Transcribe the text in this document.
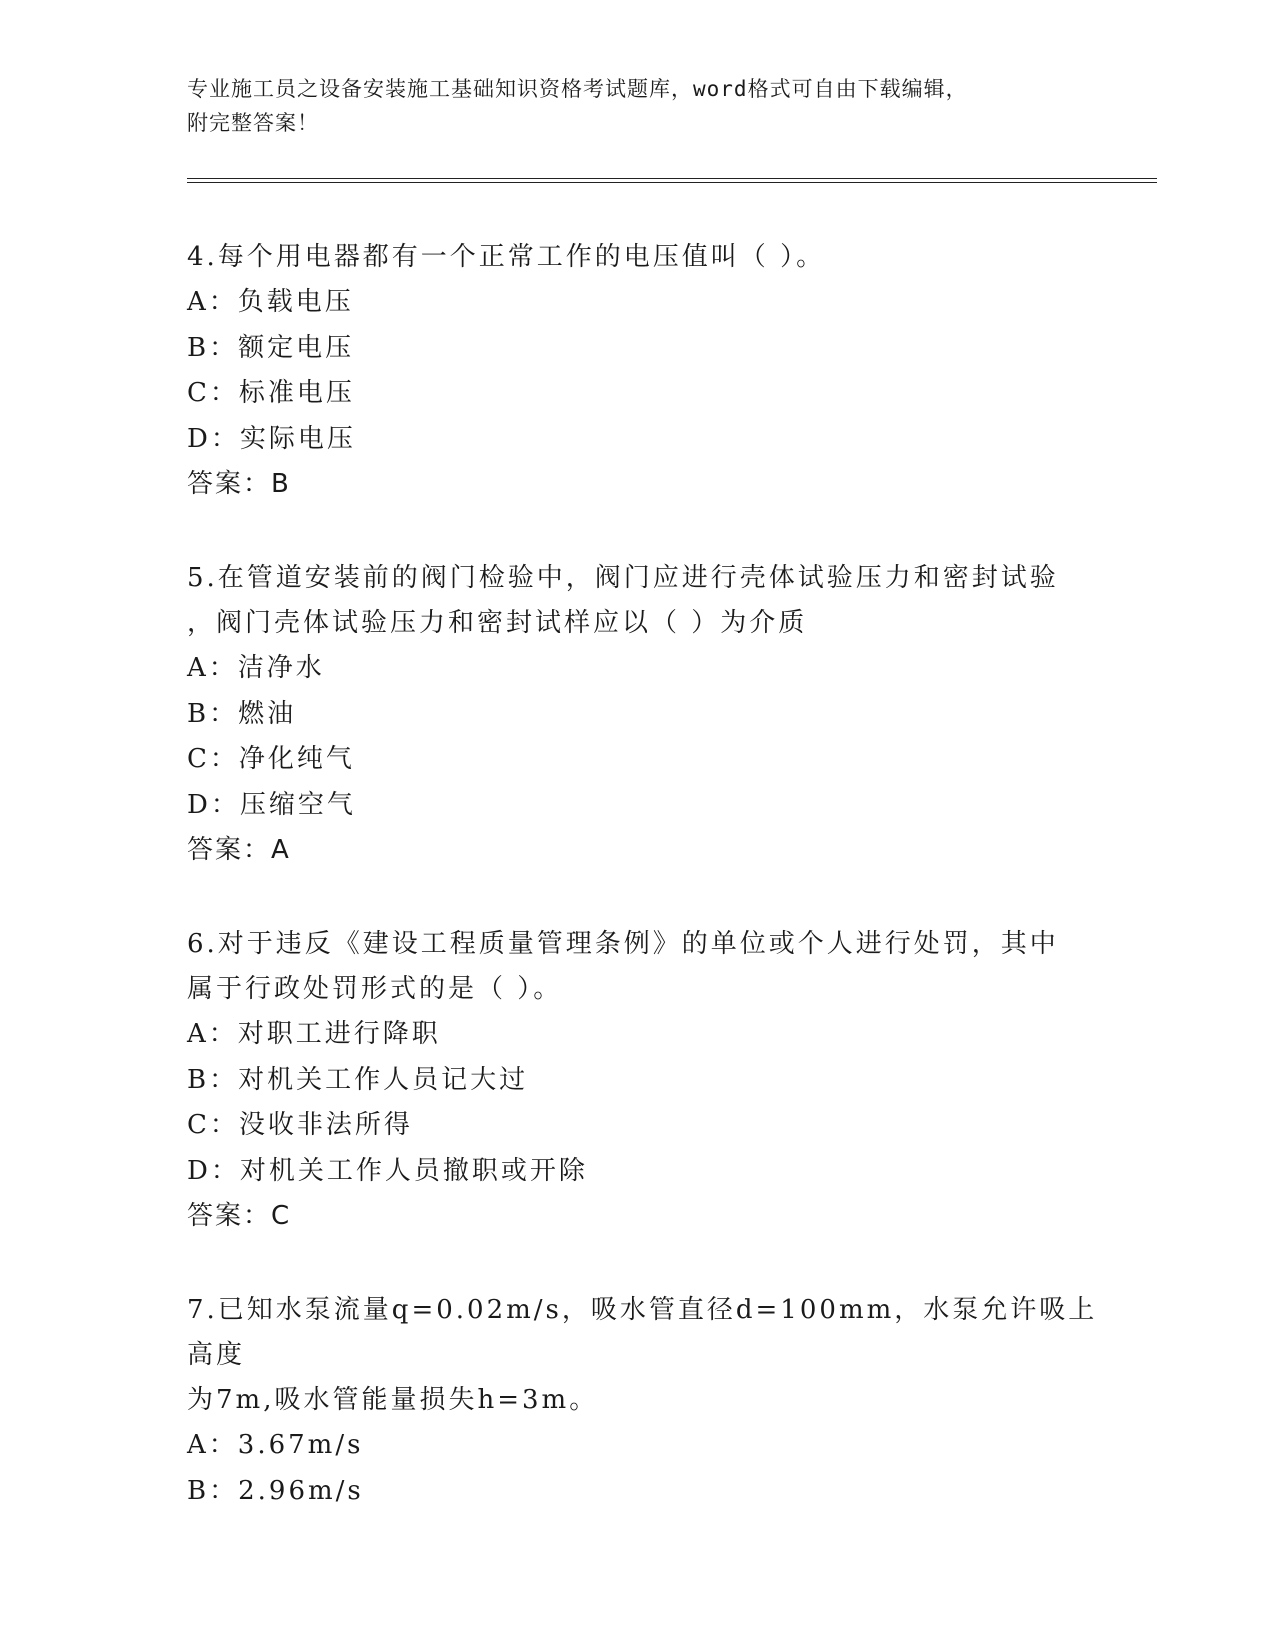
专业施工员之设备安装施工基础知识资格考试题库，word格式可自由下载编辑，
附完整答案！
4.每个用电器都有一个正常工作的电压值叫（ ）。
A：负载电压
B：额定电压
C：标准电压
D：实际电压
答案：B
5.在管道安装前的阀门检验中，阀门应进行壳体试验压力和密封试验
，阀门壳体试验压力和密封试样应以（ ）为介质
A：洁净水
B：燃油
C：净化纯气
D：压缩空气
答案：A
6.对于违反《建设工程质量管理条例》的单位或个人进行处罚，其中
属于行政处罚形式的是（ ）。
A：对职工进行降职
B：对机关工作人员记大过
C：没收非法所得
D：对机关工作人员撤职或开除
答案：C
7.已知水泵流量q=0.02m/s，吸水管直径d=100mm，水泵允许吸上高度
为7m,吸水管能量损失h=3m。
A：3.67m/s
B：2.96m/s
